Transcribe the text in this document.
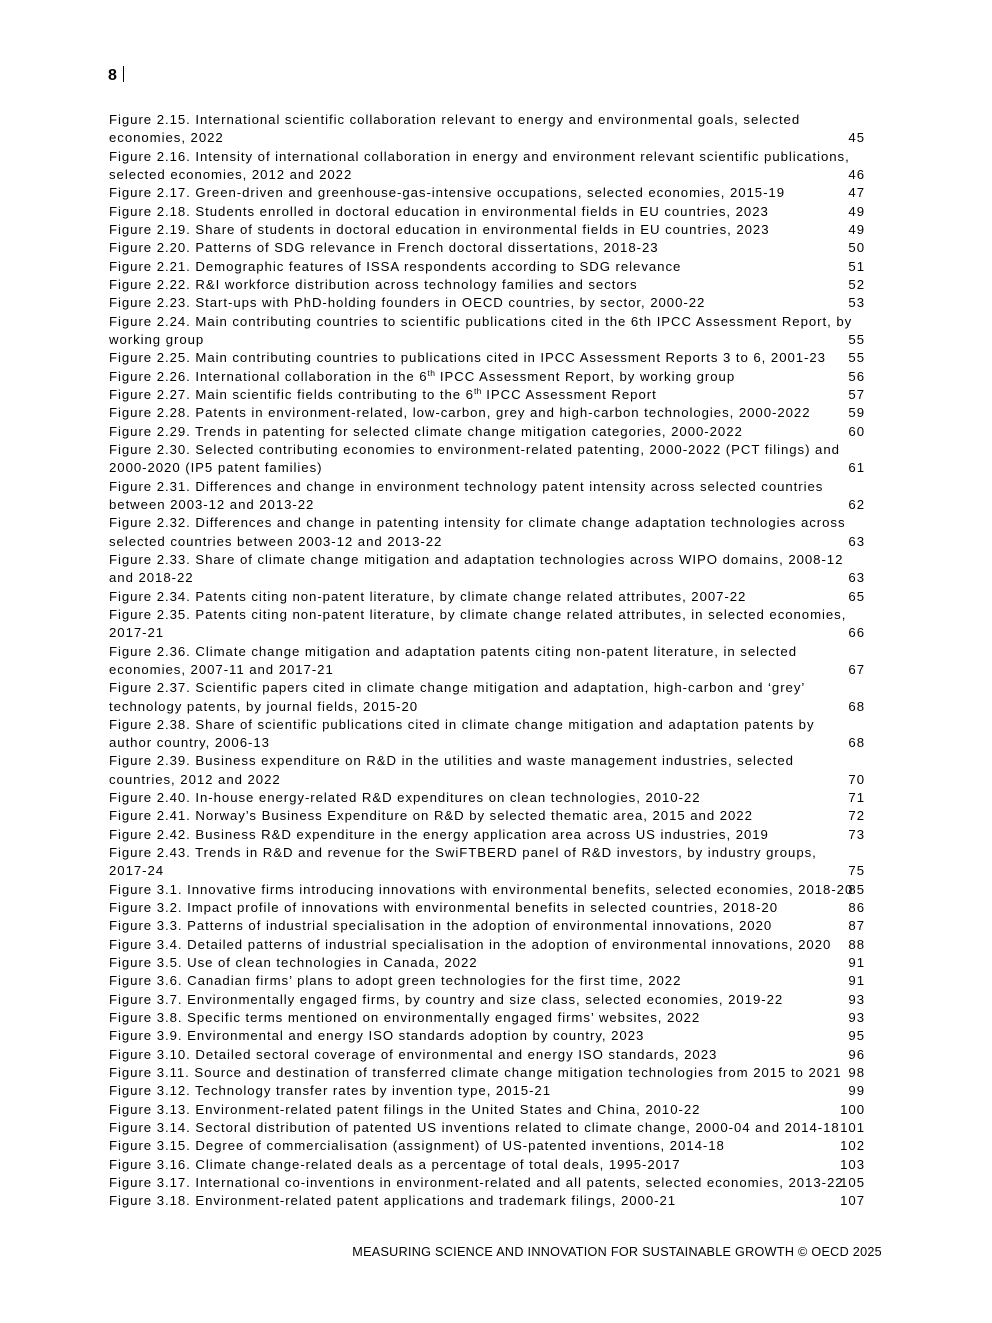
8
Figure 2.15. International scientific collaboration relevant to energy and environmental goals, selected
economies, 2022	45
Figure 2.16. Intensity of international collaboration in energy and environment relevant scientific publications,
selected economies, 2012 and 2022	46
Figure 2.17. Green-driven and greenhouse-gas-intensive occupations, selected economies, 2015-19	47
Figure 2.18. Students enrolled in doctoral education in environmental fields in EU countries, 2023	49
Figure 2.19. Share of students in doctoral education in environmental fields in EU countries, 2023	49
Figure 2.20. Patterns of SDG relevance in French doctoral dissertations, 2018-23	50
Figure 2.21. Demographic features of ISSA respondents according to SDG relevance	51
Figure 2.22. R&I workforce distribution across technology families and sectors	52
Figure 2.23. Start-ups with PhD-holding founders in OECD countries, by sector, 2000-22	53
Figure 2.24. Main contributing countries to scientific publications cited in the 6th IPCC Assessment Report, by
working group	55
Figure 2.25. Main contributing countries to publications cited in IPCC Assessment Reports 3 to 6, 2001-23 55
Figure 2.26. International collaboration in the 6th IPCC Assessment Report, by working group	56
Figure 2.27. Main scientific fields contributing to the 6th IPCC Assessment Report	57
Figure 2.28. Patents in environment-related, low-carbon, grey and high-carbon technologies, 2000-2022	59
Figure 2.29. Trends in patenting for selected climate change mitigation categories, 2000-2022	60
Figure 2.30. Selected contributing economies to environment-related patenting, 2000-2022 (PCT filings) and
2000-2020 (IP5 patent families)	61
Figure 2.31. Differences and change in environment technology patent intensity across selected countries
between 2003-12 and 2013-22	62
Figure 2.32. Differences and change in patenting intensity for climate change adaptation technologies across
selected countries between 2003-12 and 2013-22	63
Figure 2.33. Share of climate change mitigation and adaptation technologies across WIPO domains, 2008-12
and 2018-22	63
Figure 2.34. Patents citing non-patent literature, by climate change related attributes, 2007-22	65
Figure 2.35. Patents citing non-patent literature, by climate change related attributes, in selected economies,
2017-21	66
Figure 2.36. Climate change mitigation and adaptation patents citing non-patent literature, in selected
economies, 2007-11 and 2017-21	67
Figure 2.37. Scientific papers cited in climate change mitigation and adaptation, high-carbon and ‘grey’
technology patents, by journal fields, 2015-20	68
Figure 2.38. Share of scientific publications cited in climate change mitigation and adaptation patents by
author country, 2006-13	68
Figure 2.39. Business expenditure on R&D in the utilities and waste management industries, selected
countries, 2012 and 2022	70
Figure 2.40. In-house energy-related R&D expenditures on clean technologies, 2010-22	71
Figure 2.41. Norway’s Business Expenditure on R&D by selected thematic area, 2015 and 2022	72
Figure 2.42. Business R&D expenditure in the energy application area across US industries, 2019	73
Figure 2.43. Trends in R&D and revenue for the SwiFTBERD panel of R&D investors, by industry groups,
2017-24	75
Figure 3.1. Innovative firms introducing innovations with environmental benefits, selected economies, 2018-20
85
Figure 3.2. Impact profile of innovations with environmental benefits in selected countries, 2018-20	86
Figure 3.3. Patterns of industrial specialisation in the adoption of environmental innovations, 2020	87
Figure 3.4. Detailed patterns of industrial specialisation in the adoption of environmental innovations, 2020 88
Figure 3.5. Use of clean technologies in Canada, 2022	91
Figure 3.6. Canadian firms’ plans to adopt green technologies for the first time, 2022	91
Figure 3.7. Environmentally engaged firms, by country and size class, selected economies, 2019-22	93
Figure 3.8. Specific terms mentioned on environmentally engaged firms’ websites, 2022	93
Figure 3.9. Environmental and energy ISO standards adoption by country, 2023	95
Figure 3.10. Detailed sectoral coverage of environmental and energy ISO standards, 2023	96
Figure 3.11. Source and destination of transferred climate change mitigation technologies from 2015 to 2021 98
Figure 3.12. Technology transfer rates by invention type, 2015-21	99
Figure 3.13. Environment-related patent filings in the United States and China, 2010-22	100
Figure 3.14. Sectoral distribution of patented US inventions related to climate change, 2000-04 and 2014-18 101
Figure 3.15. Degree of commercialisation (assignment) of US-patented inventions, 2014-18	102
Figure 3.16. Climate change-related deals as a percentage of total deals, 1995-2017	103
Figure 3.17. International co-inventions in environment-related and all patents, selected economies, 2013-22
105
Figure 3.18. Environment-related patent applications and trademark filings, 2000-21	107
MEASURING SCIENCE AND INNOVATION FOR SUSTAINABLE GROWTH © OECD 2025
